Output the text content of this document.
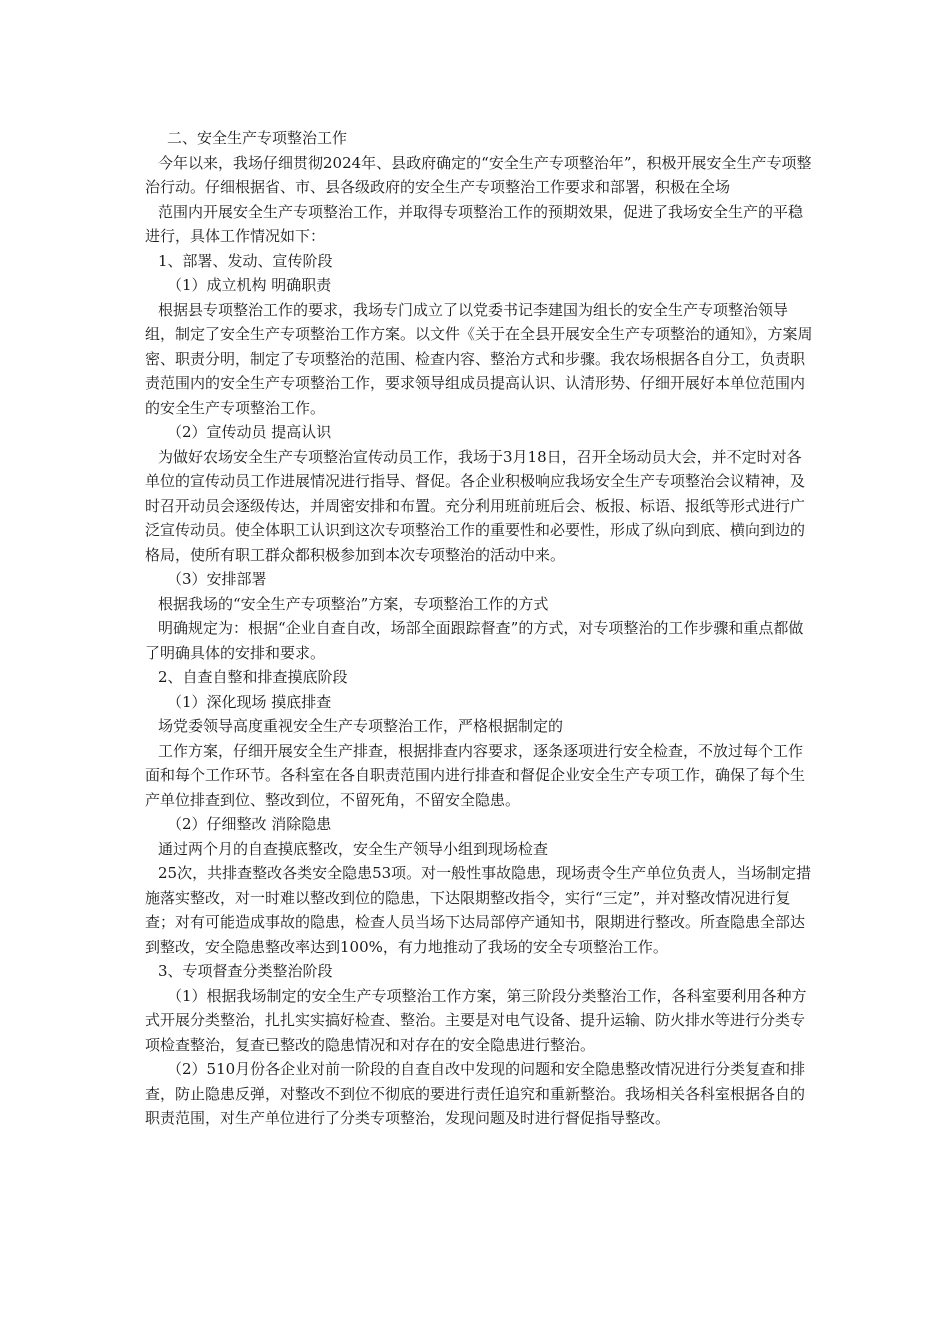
二、安全生产专项整治工作

今年以来，我场仔细贯彻2024年、县政府确定的“安全生产专项整治年”，积极开展安全生产专项整治行动。仔细根据省、市、县各级政府的安全生产专项整治工作要求和部署，积极在全场

范围内开展安全生产专项整治工作，并取得专项整治工作的预期效果，促进了我场安全生产的平稳进行，具体工作情况如下：

1、部署、发动、宣传阶段

（1）成立机构 明确职责

根据县专项整治工作的要求，我场专门成立了以党委书记李建国为组长的安全生产专项整治领导组，制定了安全生产专项整治工作方案。以文件《关于在全县开展安全生产专项整治的通知》，方案周密、职责分明，制定了专项整治的范围、检查内容、整治方式和步骤。我农场根据各自分工，负责职责范围内的安全生产专项整治工作，要求领导组成员提高认识、认清形势、仔细开展好本单位范围内的安全生产专项整治工作。

（2）宣传动员 提高认识

为做好农场安全生产专项整治宣传动员工作，我场于3月18日，召开全场动员大会，并不定时对各单位的宣传动员工作进展情况进行指导、督促。各企业积极响应我场安全生产专项整治会议精神，及时召开动员会逐级传达，并周密安排和布置。充分利用班前班后会、板报、标语、报纸等形式进行广泛宣传动员。使全体职工认识到这次专项整治工作的重要性和必要性，形成了纵向到底、横向到边的格局，使所有职工群众都积极参加到本次专项整治的活动中来。

（3）安排部署

根据我场的“安全生产专项整治”方案，专项整治工作的方式

明确规定为：根据“企业自查自改，场部全面跟踪督查”的方式，对专项整治的工作步骤和重点都做了明确具体的安排和要求。

2、自查自整和排查摸底阶段

（1）深化现场 摸底排查

场党委领导高度重视安全生产专项整治工作，严格根据制定的

工作方案，仔细开展安全生产排查，根据排查内容要求，逐条逐项进行安全检查，不放过每个工作面和每个工作环节。各科室在各自职责范围内进行排查和督促企业安全生产专项工作，确保了每个生产单位排查到位、整改到位，不留死角，不留安全隐患。

（2）仔细整改 消除隐患

通过两个月的自查摸底整改，安全生产领导小组到现场检查

25次，共排查整改各类安全隐患53项。对一般性事故隐患，现场责令生产单位负责人，当场制定措施落实整改，对一时难以整改到位的隐患，下达限期整改指令，实行“三定”，并对整改情况进行复查；对有可能造成事故的隐患，检查人员当场下达局部停产通知书，限期进行整改。所查隐患全部达到整改，安全隐患整改率达到100%，有力地推动了我场的安全专项整治工作。

3、专项督查分类整治阶段

（1）根据我场制定的安全生产专项整治工作方案，第三阶段分类整治工作，各科室要利用各种方式开展分类整治，扎扎实实搞好检查、整治。主要是对电气设备、提升运输、防火排水等进行分类专项检查整治，复查已整改的隐患情况和对存在的安全隐患进行整治。

（2）510月份各企业对前一阶段的自查自改中发现的问题和安全隐患整改情况进行分类复查和排查，防止隐患反弹，对整改不到位不彻底的要进行责任追究和重新整治。我场相关各科室根据各自的职责范围，对生产单位进行了分类专项整治，发现问题及时进行督促指导整改。
